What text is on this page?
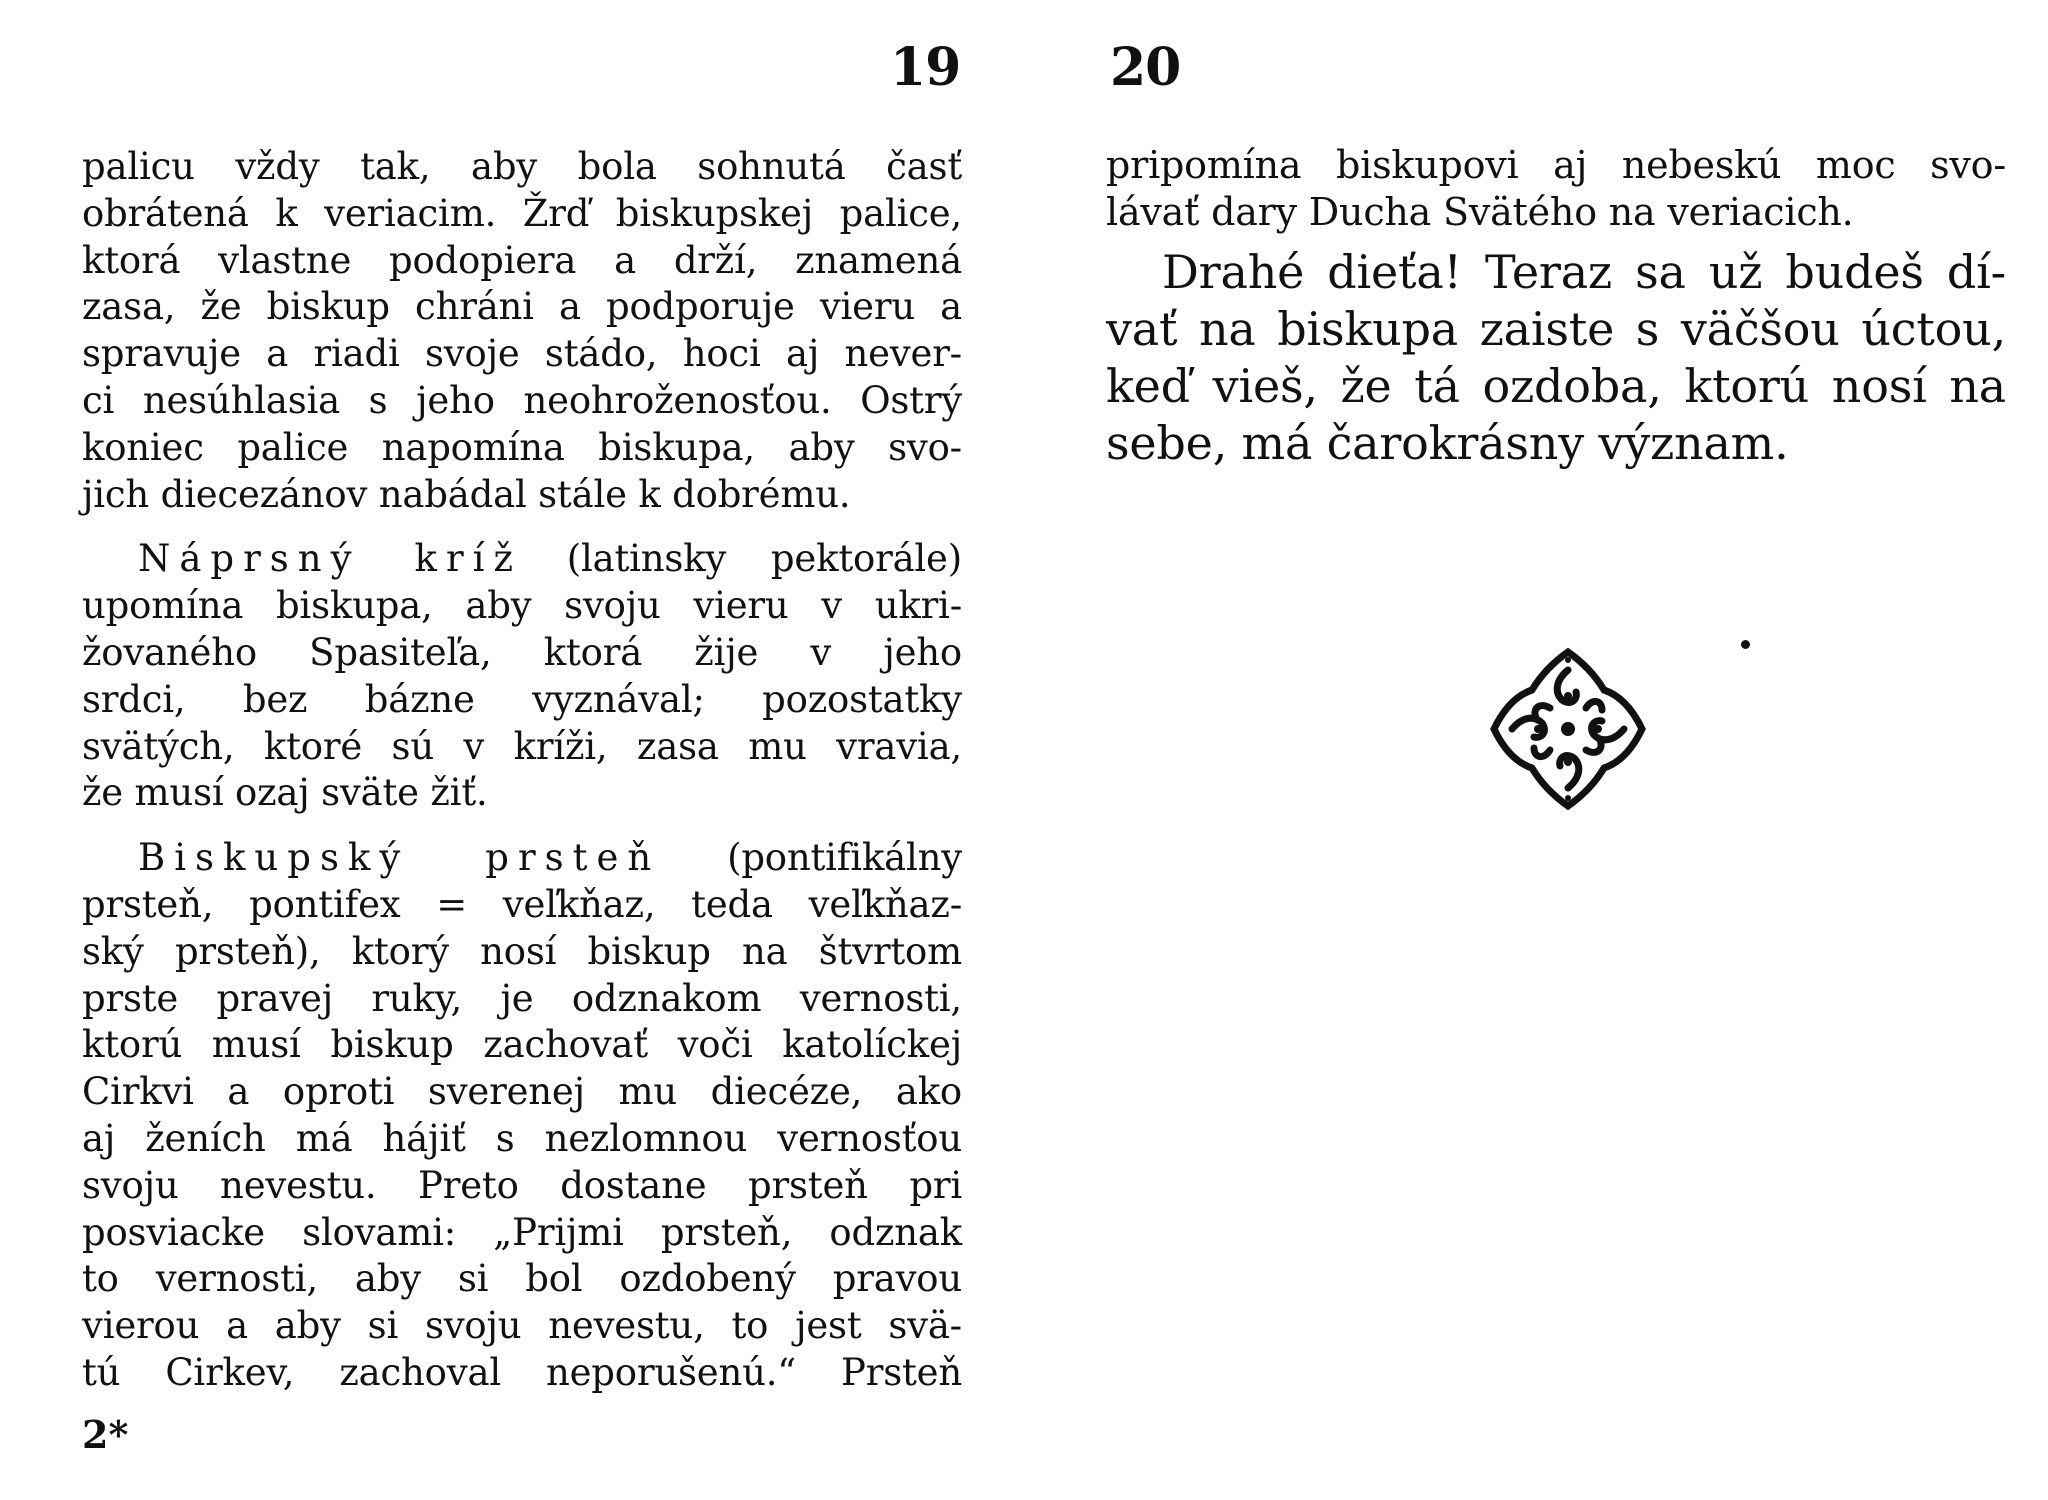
19
palicu vždy tak, aby bola sohnutá časť
obrátená k veriacim. Žrď biskupskej palice,
ktorá vlastne podopiera a drží, znamená
zasa, že biskup chráni a podporuje vieru a
spravuje a riadi svoje stádo, hoci aj never-
ci nesúhlasia s jeho neohroženosťou. Ostrý
koniec palice napomína biskupa, aby svo-
jich diecezánov nabádal stále k dobrému.
Náprsný kríž (latinsky pektorále)
upomína biskupa, aby svoju vieru v ukri-
žovaného Spasiteľa, ktorá žije v jeho
srdci, bez bázne vyznával; pozostatky
svätých, ktoré sú v kríži, zasa mu vravia,
že musí ozaj sväte žiť.
Biskupský prsteň (pontifikálny
prsteň, pontifex = veľkňaz, teda veľkňaz-
ský prsteň), ktorý nosí biskup na štvrtom
prste pravej ruky, je odznakom vernosti,
ktorú musí biskup zachovať voči katolíckej
Cirkvi a oproti sverenej mu diecéze, ako
aj ženích má hájiť s nezlomnou vernosťou
svoju nevestu. Preto dostane prsteň pri
posviacke slovami: „Prijmi prsteň, odznak
to vernosti, aby si bol ozdobený pravou
vierou a aby si svoju nevestu, to jest svä-
tú Cirkev, zachoval neporušenú.“ Prsteň
2*
20
pripomína biskupovi aj nebeskú moc svo-
lávať dary Ducha Svätého na veriacich.
Drahé dieťa! Teraz sa už budeš dí-
vať na biskupa zaiste s väčšou úctou,
keď vieš, že tá ozdoba, ktorú nosí na
sebe, má čarokrásny význam.
